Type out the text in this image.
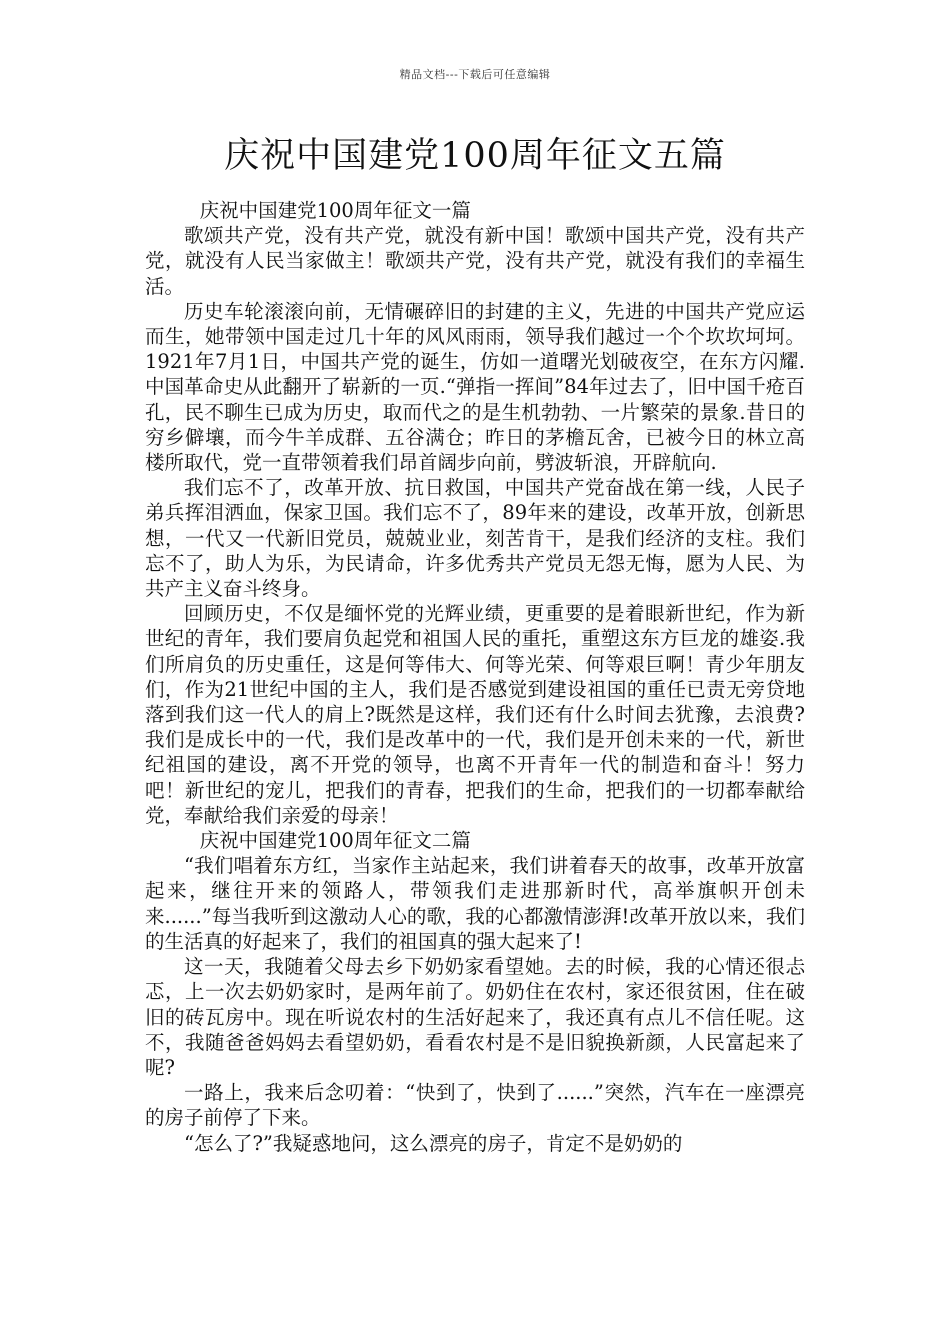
精品文档---下载后可任意编辑
庆祝中国建党100周年征文五篇

庆祝中国建党100周年征文一篇

歌颂共产党，没有共产党，就没有新中国！歌颂中国共产党，没有共产党，就没有人民当家做主！歌颂共产党，没有共产党，就没有我们的幸福生活。

历史车轮滚滚向前，无情碾碎旧的封建的主义，先进的中国共产党应运而生，她带领中国走过几十年的风风雨雨，领导我们越过一个个坎坎坷坷。1921年7月1日，中国共产党的诞生，仿如一道曙光划破夜空，在东方闪耀.中国革命史从此翻开了崭新的一页.“弹指一挥间”84年过去了，旧中国千疮百孔，民不聊生已成为历史，取而代之的是生机勃勃、一片繁荣的景象.昔日的穷乡僻壤，而今牛羊成群、五谷满仓；昨日的茅檐瓦舍，已被今日的林立高楼所取代，党一直带领着我们昂首阔步向前，劈波斩浪，开辟航向.

我们忘不了，改革开放、抗日救国，中国共产党奋战在第一线，人民子弟兵挥泪洒血，保家卫国。我们忘不了，89年来的建设，改革开放，创新思想，一代又一代新旧党员，兢兢业业，刻苦肯干，是我们经济的支柱。我们忘不了，助人为乐，为民请命，许多优秀共产党员无怨无悔，愿为人民、为共产主义奋斗终身。

回顾历史，不仅是缅怀党的光辉业绩，更重要的是着眼新世纪，作为新世纪的青年，我们要肩负起党和祖国人民的重托，重塑这东方巨龙的雄姿.我们所肩负的历史重任，这是何等伟大、何等光荣、何等艰巨啊！青少年朋友们，作为21世纪中国的主人，我们是否感觉到建设祖国的重任已责无旁贷地落到我们这一代人的肩上?既然是这样，我们还有什么时间去犹豫，去浪费?我们是成长中的一代，我们是改革中的一代，我们是开创未来的一代，新世纪祖国的建设，离不开党的领导，也离不开青年一代的制造和奋斗！努力吧！新世纪的宠儿，把我们的青春，把我们的生命，把我们的一切都奉献给党，奉献给我们亲爱的母亲！

庆祝中国建党100周年征文二篇

“我们唱着东方红，当家作主站起来，我们讲着春天的故事，改革开放富起来，继往开来的领路人，带领我们走进那新时代，高举旗帜开创未来......”每当我听到这激动人心的歌，我的心都激情澎湃!改革开放以来，我们的生活真的好起来了，我们的祖国真的强大起来了!

这一天，我随着父母去乡下奶奶家看望她。去的时候，我的心情还很忐忑，上一次去奶奶家时，是两年前了。奶奶住在农村，家还很贫困，住在破旧的砖瓦房中。现在听说农村的生活好起来了，我还真有点儿不信任呢。这不，我随爸爸妈妈去看望奶奶，看看农村是不是旧貌换新颜，人民富起来了呢?

一路上，我来后念叨着：“快到了，快到了......”突然，汽车在一座漂亮的房子前停了下来。

“怎么了?”我疑惑地问，这么漂亮的房子，肯定不是奶奶的
